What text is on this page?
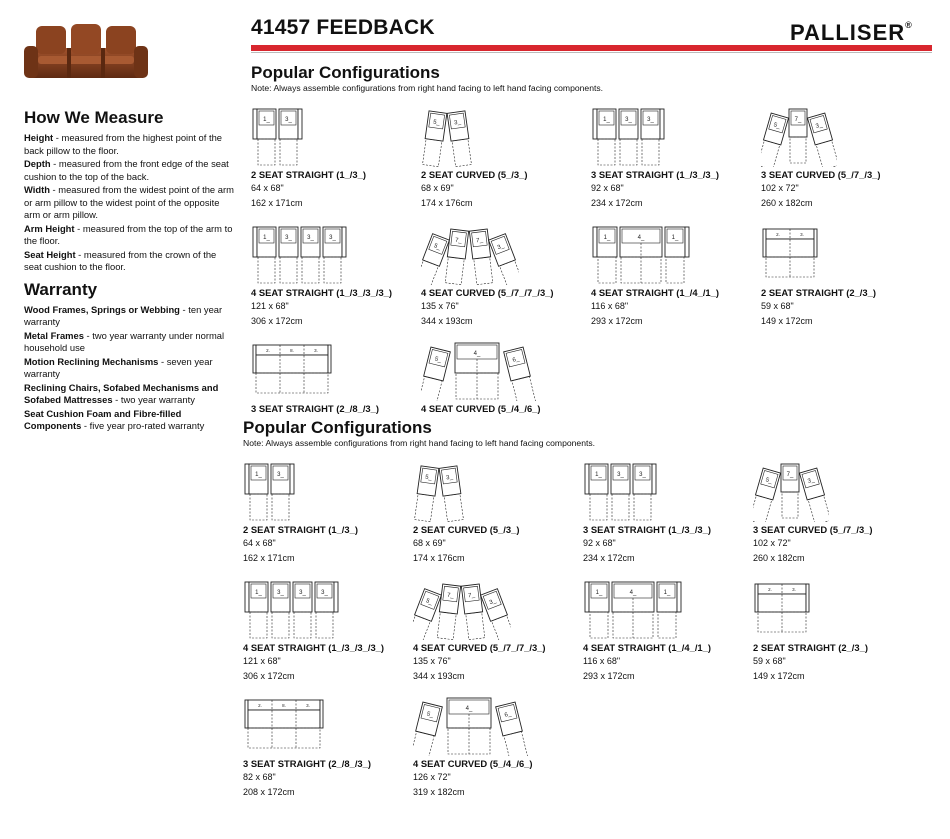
How We Measure

Height - measured from the highest point of the back pillow to the floor.

Depth - measured from the front edge of the seat cushion to the top of the back.

Width - measured from the widest point of the arm or arm pillow to the widest point of the opposite arm or arm pillow.

Arm Height - measured from the top of the arm to the floor.

Seat Height - measured from the crown of the seat cushion to the floor.

Warranty

Wood Frames, Springs or Webbing - ten year warranty

Metal Frames - two year warranty under normal household use

Motion Reclining Mechanisms - seven year warranty

Reclining Chairs, Sofabed Mechanisms and Sofabed Mattresses - two year warranty

Seat Cushion Foam and Fibre-filled Components - five year pro-rated warranty

41457 FEEDBACK	PALLISER®
Popular Configurations

Note: Always assemble configurations from right hand facing to left hand facing components.

1_	3_
2 SEAT STRAIGHT (1_/3_)
64 x 68"
162 x 171cm
5_ 3_
2 SEAT CURVED (5_/3_)
68 x 69"
174 x 176cm
1_	3_	3_
3 SEAT STRAIGHT (1_/3_/3_)
92 x 68"
234 x 172cm
5_
7_
3_
3 SEAT CURVED (5_/7_/3_)
102 x 72"
260 x 182cm
1_	3_	3_	3_
4 SEAT STRAIGHT (1_/3_/3_/3_)
121 x 68"
306 x 172cm
5_
7_ 7_
3_
4 SEAT CURVED (5_/7_/7_/3_)
135 x 76"
344 x 193cm
1_	4_	1_
4 SEAT STRAIGHT (1_/4_/1_)
116 x 68"
293 x 172cm
2.	3.
2 SEAT STRAIGHT (2_/3_)
59 x 68"
149 x 172cm
2.	8.	3.
3 SEAT STRAIGHT (2_/8_/3_)
5_
4_
6_
4 SEAT CURVED (5_/4_/6_)
Popular Configurations

Note: Always assemble configurations from right hand facing to left hand facing components.

1_	3_
2 SEAT STRAIGHT (1_/3_)
64 x 68"
162 x 171cm
5_ 3_
2 SEAT CURVED (5_/3_)
68 x 69"
174 x 176cm
1_	3_	3_
3 SEAT STRAIGHT (1_/3_/3_)
92 x 68"
234 x 172cm
5_
7_
3_
3 SEAT CURVED (5_/7_/3_)
102 x 72"
260 x 182cm
1_	3_	3_	3_
4 SEAT STRAIGHT (1_/3_/3_/3_)
121 x 68"
306 x 172cm
5_
7_ 7_
3_
4 SEAT CURVED (5_/7_/7_/3_)
135 x 76"
344 x 193cm
1_	4_	1_
4 SEAT STRAIGHT (1_/4_/1_)
116 x 68"
293 x 172cm
2.	3.
2 SEAT STRAIGHT (2_/3_)
59 x 68"
149 x 172cm
2.	8.	3.
3 SEAT STRAIGHT (2_/8_/3_)
82 x 68"
208 x 172cm
5_
4_
6_
4 SEAT CURVED (5_/4_/6_)
126 x 72"
319 x 182cm
